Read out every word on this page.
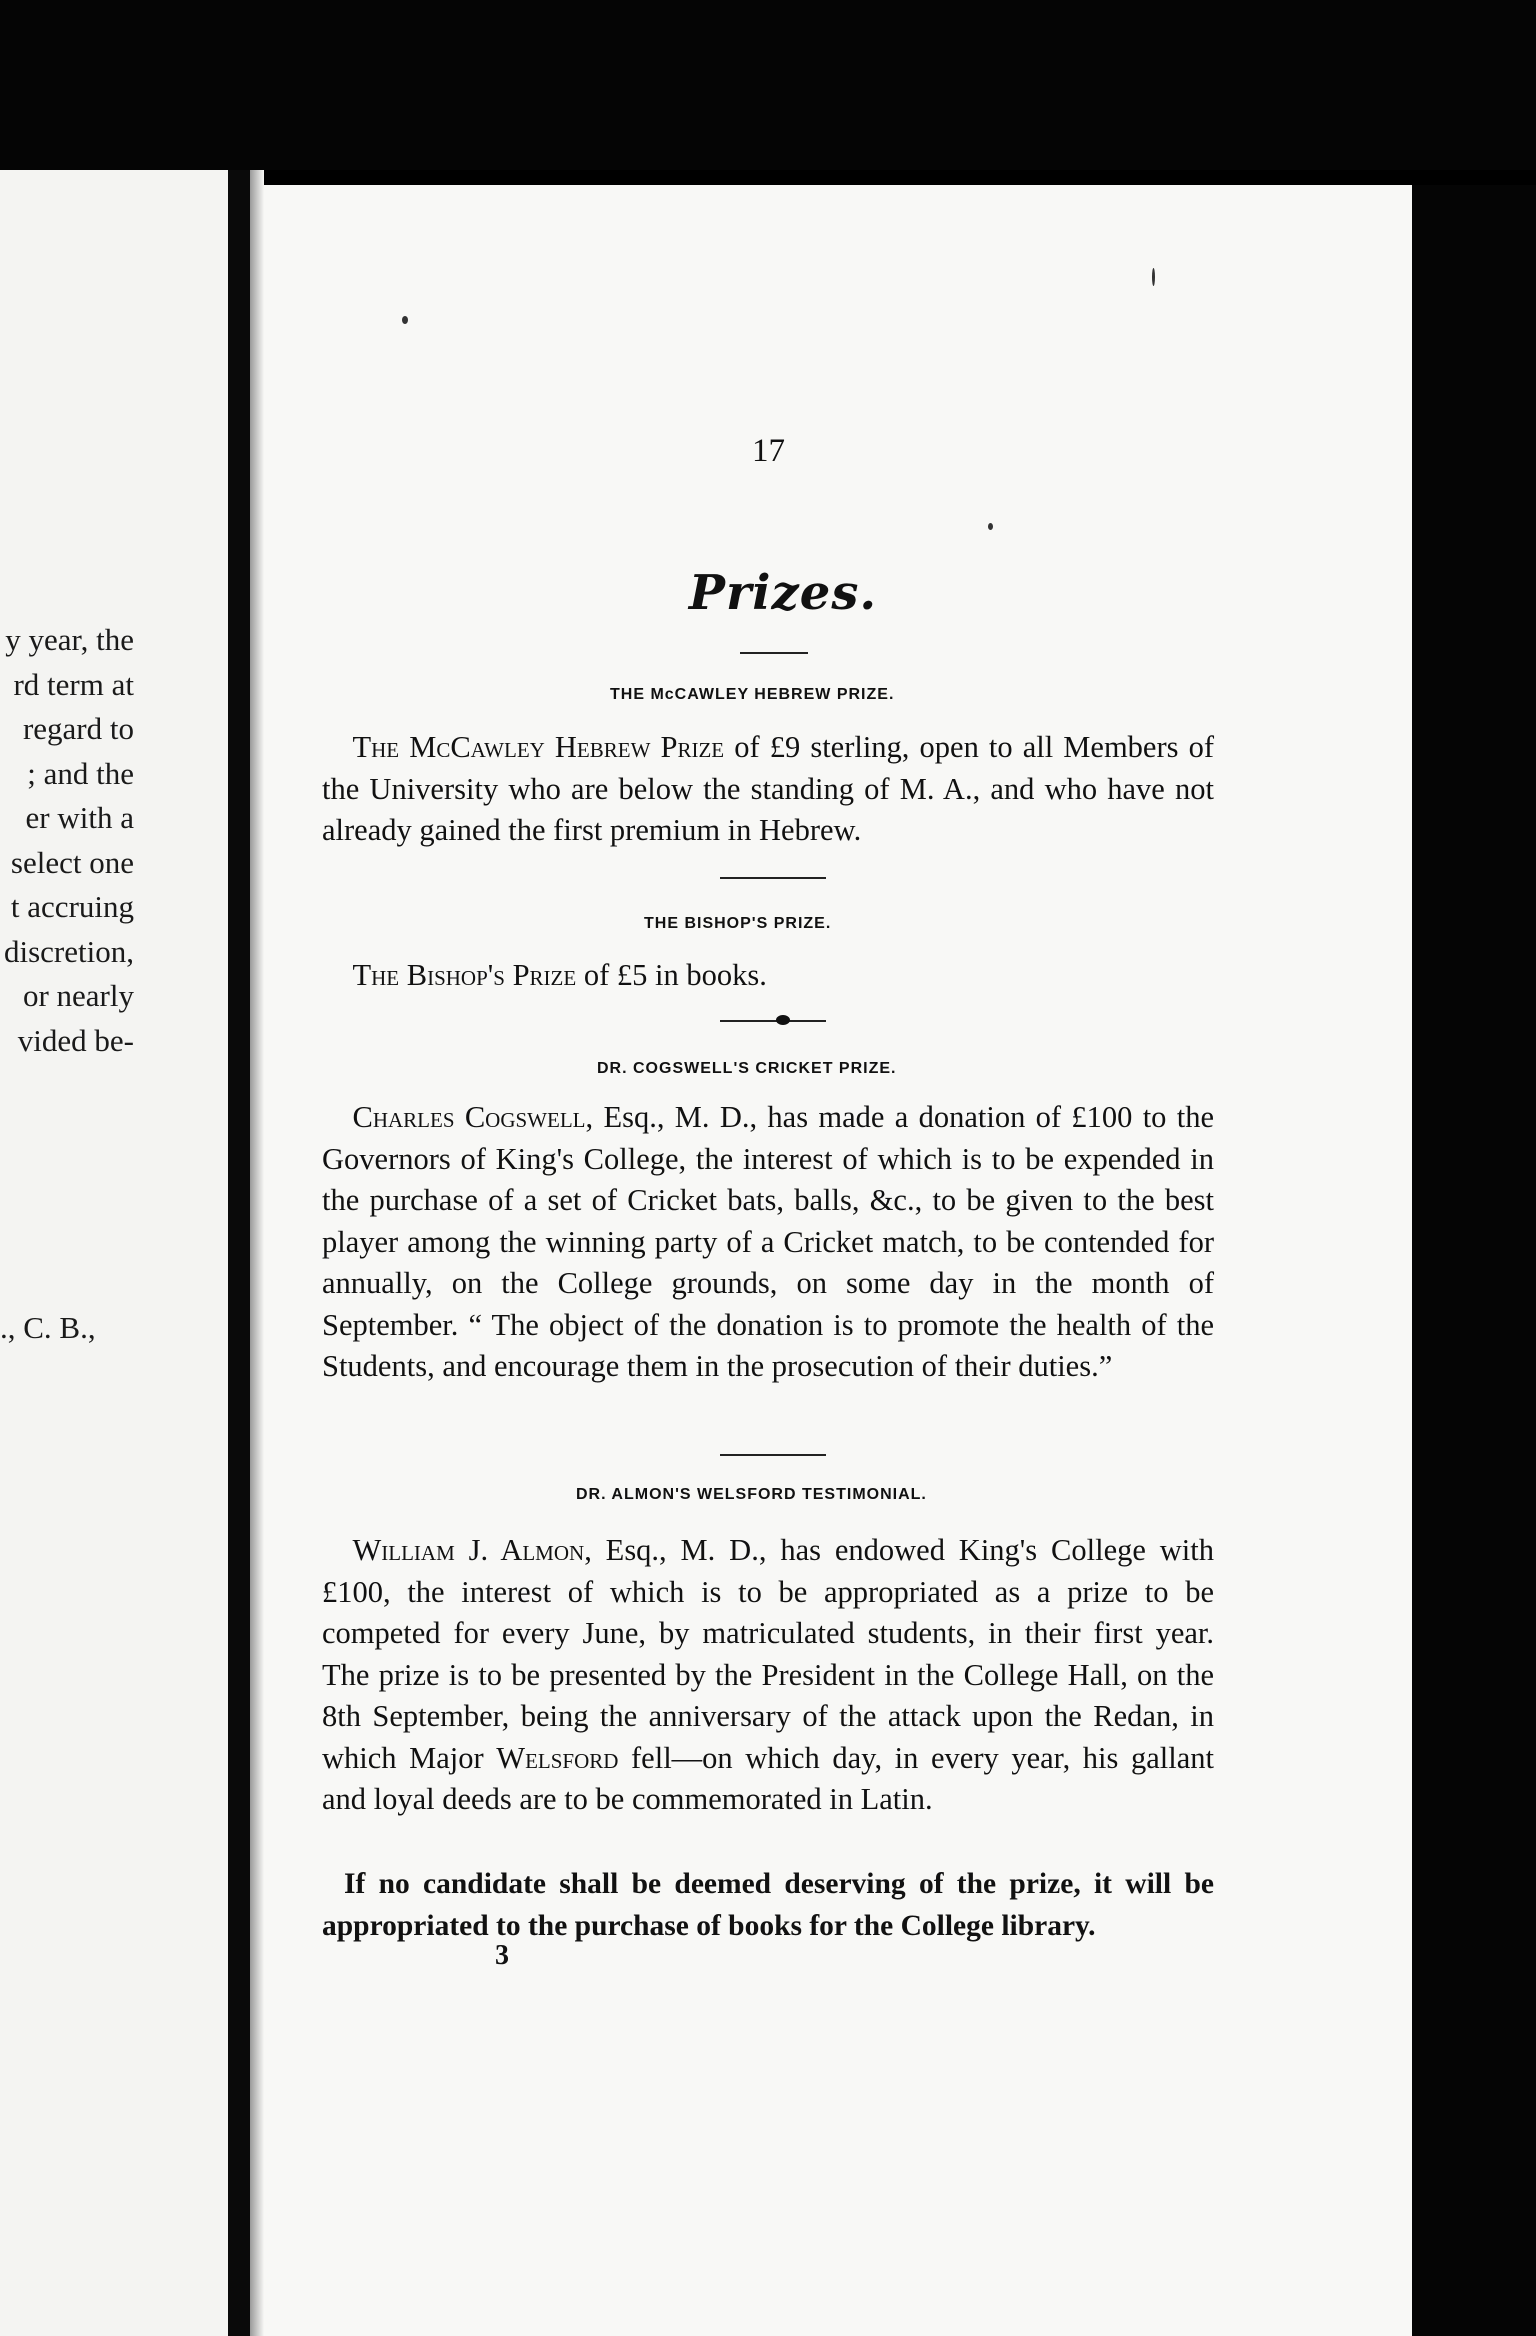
y year, the
rd term at
regard to
; and the
er with a
select one
t accruing
discretion,
or nearly
vided be-
., C. B.,
17
Prizes.
THE McCAWLEY HEBREW PRIZE.
 The McCawley Hebrew Prize of £9 sterling, open to all Members of the University who are below the standing of M. A., and who have not already gained the first premium in Hebrew.
THE BISHOP'S PRIZE.
 The Bishop's Prize of £5 in books.
DR. COGSWELL'S CRICKET PRIZE.
 Charles Cogswell, Esq., M. D., has made a donation of £100 to the Governors of King's College, the interest of which is to be expended in the purchase of a set of Cricket bats, balls, &c., to be given to the best player among the winning party of a Cricket match, to be contended for annually, on the College grounds, on some day in the month of September. “ The object of the donation is to promote the health of the Students, and encourage them in the prosecution of their duties.”
DR. ALMON'S WELSFORD TESTIMONIAL.
 William J. Almon, Esq., M. D., has endowed King's College with £100, the interest of which is to be appropriated as a prize to be competed for every June, by matriculated students, in their first year. The prize is to be presented by the President in the College Hall, on the 8th September, being the anniversary of the attack upon the Redan, in which Major Welsford fell—on which day, in every year, his gallant and loyal deeds are to be commemorated in Latin.
If no candidate shall be deemed deserving of the prize, it will be appropriated to the purchase of books for the College library.
3
